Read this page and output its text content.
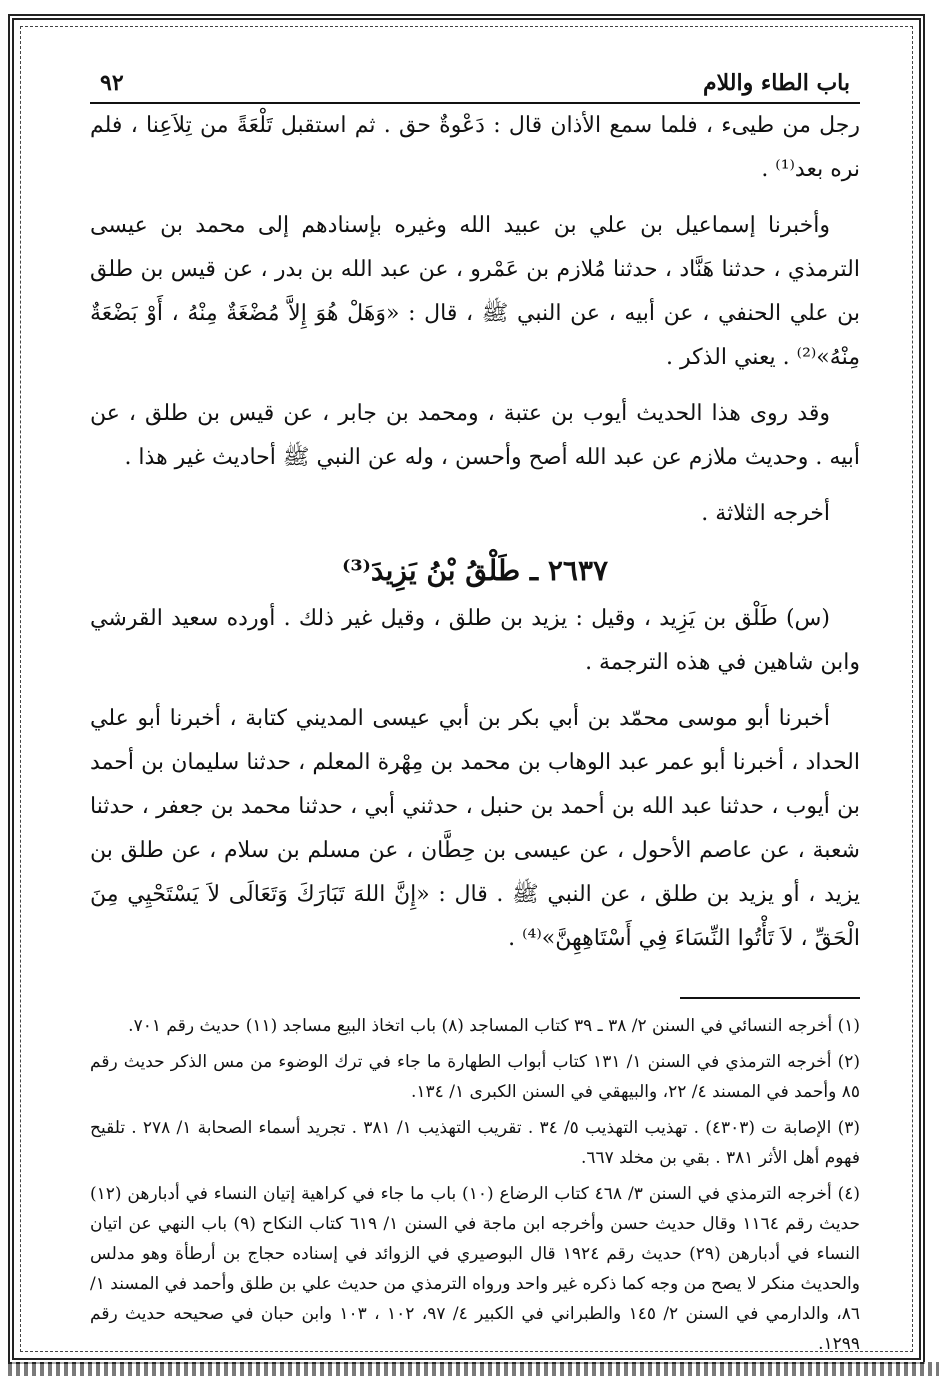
باب الطاء واللام
٩٢

رجل من طيىء ، فلما سمع الأذان قال : دَعْوةٌ حق . ثم استقبل تَلْعَةً من تِلاَعِنا ، فلم نره بعد⁽¹⁾ .

وأخبرنا إسماعيل بن علي بن عبيد الله وغيره بإسنادهم إلى محمد بن عيسى الترمذي ، حدثنا هَنَّاد ، حدثنا مُلازم بن عَمْرو ، عن عبد الله بن بدر ، عن قيس بن طلق بن علي الحنفي ، عن أبيه ، عن النبي ﷺ ، قال : «وَهَلْ هُوَ إِلاَّ مُضْغَةٌ مِنْهُ ، أَوْ بَضْعَةٌ مِنْهُ»⁽²⁾ . يعني الذكر .

وقد روى هذا الحديث أيوب بن عتبة ، ومحمد بن جابر ، عن قيس بن طلق ، عن أبيه . وحديث ملازم عن عبد الله أصح وأحسن ، وله عن النبي ﷺ أحاديث غير هذا .

أخرجه الثلاثة .

٢٦٣٧ ـ طَلْقُ بْنُ يَزِيدَ⁽³⁾

(س) طَلْق بن يَزِيد ، وقيل : يزيد بن طلق ، وقيل غير ذلك . أورده سعيد القرشي وابن شاهين في هذه الترجمة .

أخبرنا أبو موسى محمّد بن أبي بكر بن أبي عيسى المديني كتابة ، أخبرنا أبو علي الحداد ، أخبرنا أبو عمر عبد الوهاب بن محمد بن مِهْرة المعلم ، حدثنا سليمان بن أحمد بن أيوب ، حدثنا عبد الله بن أحمد بن حنبل ، حدثني أبي ، حدثنا محمد بن جعفر ، حدثنا شعبة ، عن عاصم الأحول ، عن عيسى بن حِطَّان ، عن مسلم بن سلام ، عن طلق بن يزيد ، أو يزيد بن طلق ، عن النبي ﷺ . قال : «إِنَّ اللهَ تَبَارَكَ وَتَعَالَى لاَ يَسْتَحْيِي مِنَ الْحَقِّ ، لاَ تَأْتُوا النِّسَاءَ فِي أَسْتَاهِهِنَّ»⁽⁴⁾ .

(١) أخرجه النسائي في السنن ٢/ ٣٨ ـ ٣٩ كتاب المساجد (٨) باب اتخاذ البيع مساجد (١١) حديث رقم ٧٠١.

(٢) أخرجه الترمذي في السنن ١/ ١٣١ كتاب أبواب الطهارة ما جاء في ترك الوضوء من مس الذكر حديث رقم ٨٥ وأحمد في المسند ٤/ ٢٢، والبيهقي في السنن الكبرى ١/ ١٣٤.

(٣) الإصابة ت (٤٣٠٣) . تهذيب التهذيب ٥/ ٣٤ . تقريب التهذيب ١/ ٣٨١ . تجريد أسماء الصحابة ١/ ٢٧٨ . تلقيح فهوم أهل الأثر ٣٨١ . بقي بن مخلد ٦٦٧.

(٤) أخرجه الترمذي في السنن ٣/ ٤٦٨ كتاب الرضاع (١٠) باب ما جاء في كراهية إتيان النساء في أدبارهن (١٢) حديث رقم ١١٦٤ وقال حديث حسن وأخرجه ابن ماجة في السنن ١/ ٦١٩ كتاب النكاح (٩) باب النهي عن اتيان النساء في أدبارهن (٢٩) حديث رقم ١٩٢٤ قال البوصيري في الزوائد في إسناده حجاج بن أرطأة وهو مدلس والحديث منكر لا يصح من وجه كما ذكره غير واحد ورواه الترمذي من حديث علي بن طلق وأحمد في المسند ١/ ٨٦، والدارمي في السنن ٢/ ١٤٥ والطبراني في الكبير ٤/ ٩٧، ١٠٢ ، ١٠٣ وابن حبان في صحيحه حديث رقم ١٢٩٩.
